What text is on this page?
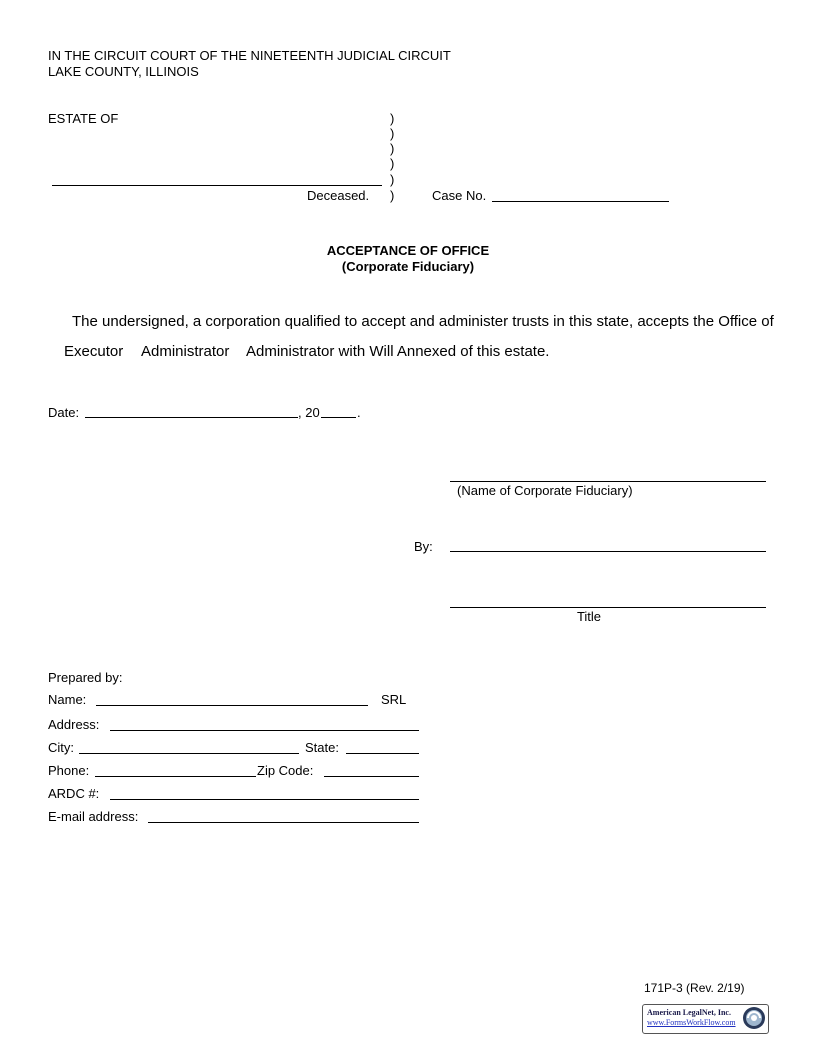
IN THE CIRCUIT COURT OF THE NINETEENTH JUDICIAL CIRCUIT
LAKE COUNTY, ILLINOIS
ESTATE OF	)
)
)
)
)
)
Deceased.	Case No.
ACCEPTANCE OF OFFICE
(Corporate Fiduciary)
The undersigned, a corporation qualified to accept and administer trusts in this state, accepts the Office of
Executor Administrator Administrator with Will Annexed of this estate.
Date:	, 20	.
(Name of Corporate Fiduciary)
By:
Title
Prepared by:
Name:	SRL
Address:
City:	State:
Phone:	Zip Code:
ARDC #:
E-mail address:
171P-3 (Rev. 2/19)
American LegalNet, Inc.
www.FormsWorkFlow.com
